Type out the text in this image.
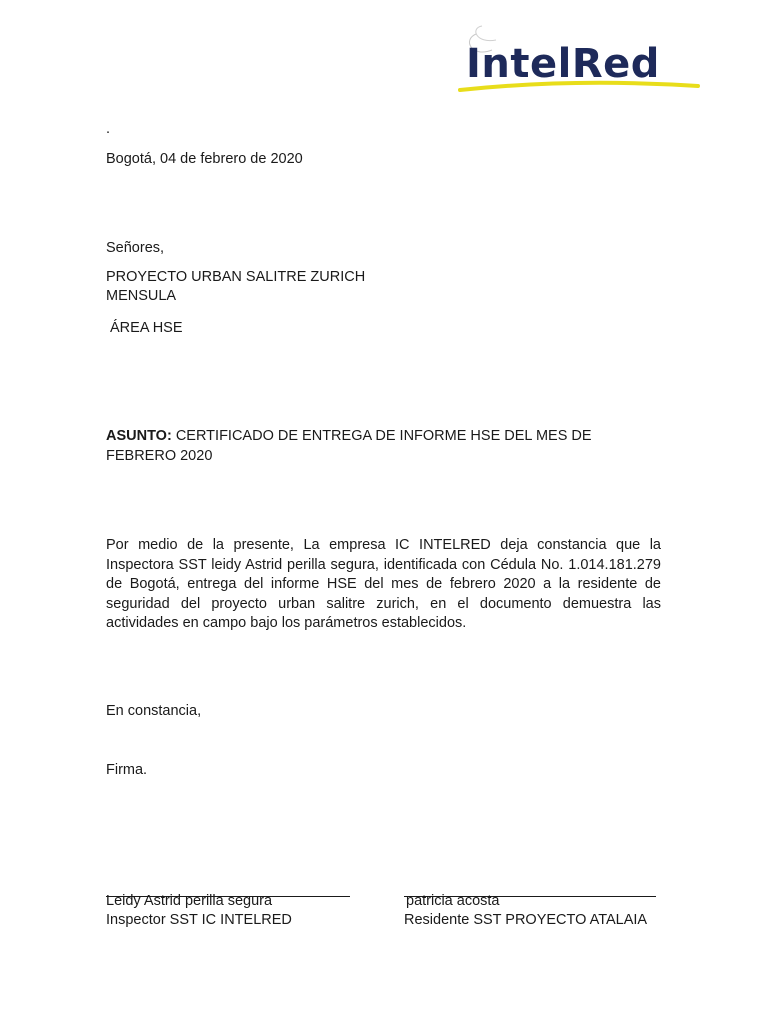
IntelRed
.
Bogotá, 04 de febrero de 2020
Señores,
PROYECTO URBAN SALITRE ZURICH
MENSULA
ÁREA HSE
ASUNTO: CERTIFICADO DE ENTREGA DE INFORME HSE DEL MES DE
FEBRERO 2020
Por medio de la presente, La empresa IC INTELRED deja constancia que la Inspectora SST leidy Astrid perilla segura, identificada con Cédula No. 1.014.181.279 de Bogotá, entrega del informe HSE del mes de febrero 2020 a la residente de seguridad del proyecto urban salitre zurich, en el documento demuestra las actividades en campo bajo los parámetros establecidos.
En constancia,
Firma.
Leidy Astrid perilla segura
Inspector SST IC INTELRED
patricia acosta
Residente SST PROYECTO ATALAIA
